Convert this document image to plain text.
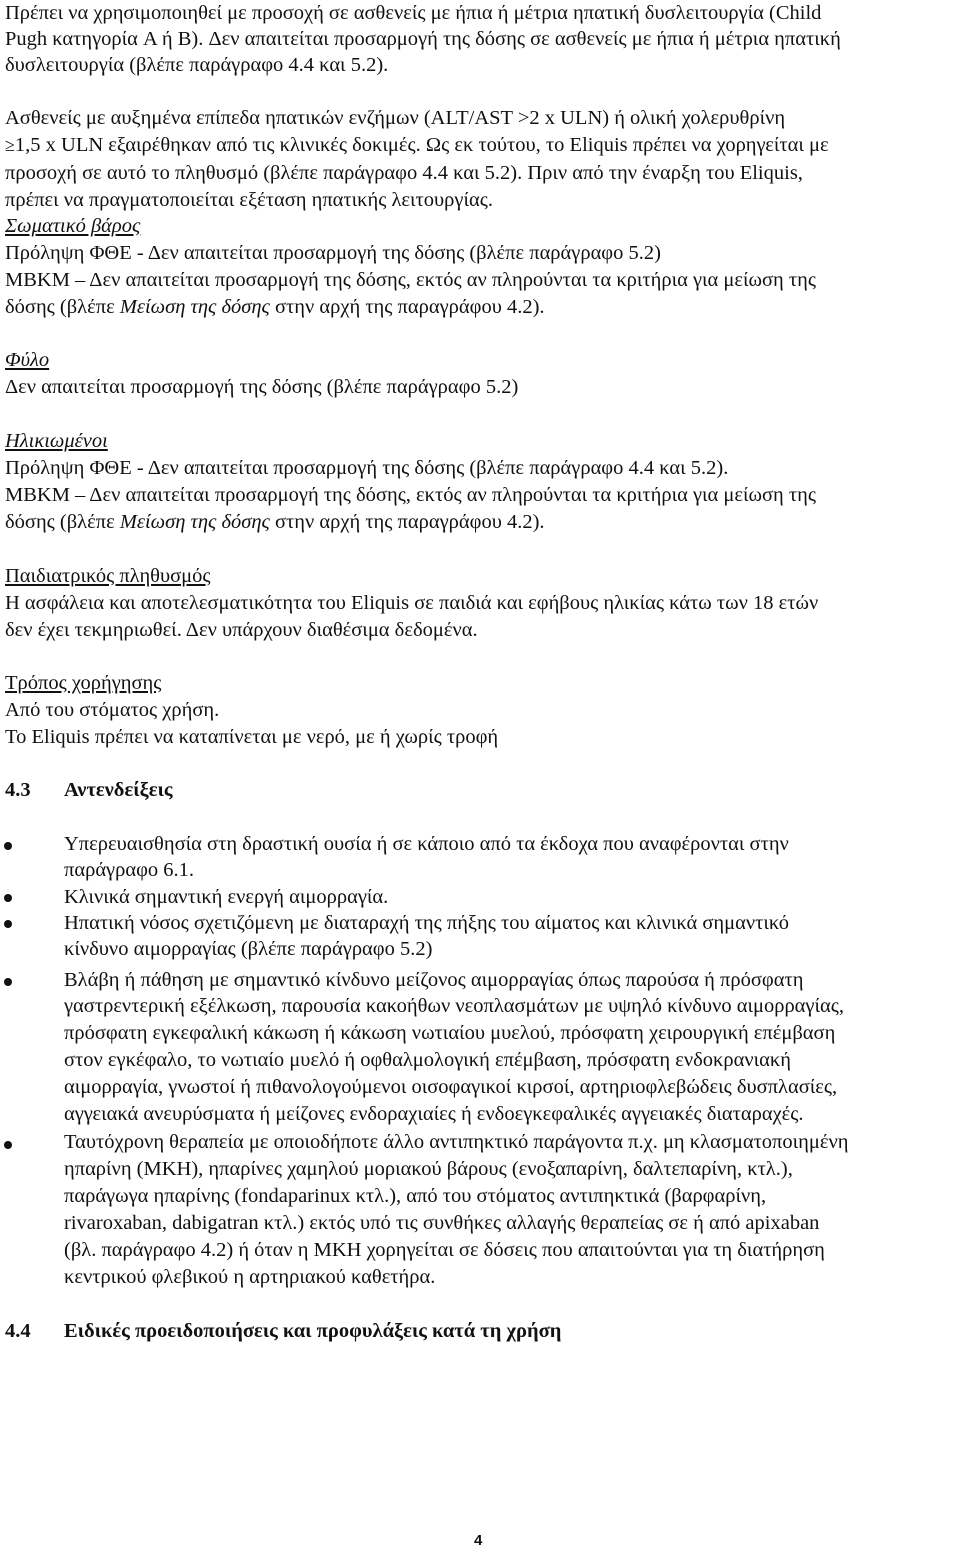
Πρέπει να χρησιμοποιηθεί με προσοχή σε ασθενείς με ήπια ή μέτρια ηπατική δυσλειτουργία (Child

Pugh κατηγορία A ή B). Δεν απαιτείται προσαρμογή της δόσης σε ασθενείς με ήπια ή μέτρια ηπατική

δυσλειτουργία (βλέπε παράγραφο 4.4 και 5.2).

Ασθενείς με αυξημένα επίπεδα ηπατικών ενζήμων (ALT/AST >2 x ULN) ή ολική χολερυθρίνη

≥1,5 x ULN εξαιρέθηκαν από τις κλινικές δοκιμές. Ως εκ τούτου, το Eliquis πρέπει να χορηγείται με

προσοχή σε αυτό το πληθυσμό (βλέπε παράγραφο 4.4 και 5.2). Πριν από την έναρξη του Eliquis,

πρέπει να πραγματοποιείται εξέταση ηπατικής λειτουργίας.

Σωματικό βάρος

Πρόληψη ΦΘΕ - Δεν απαιτείται προσαρμογή της δόσης (βλέπε παράγραφο 5.2)

ΜΒΚΜ – Δεν απαιτείται προσαρμογή της δόσης, εκτός αν πληρούνται τα κριτήρια για μείωση της

δόσης (βλέπε Μείωση της δόσης στην αρχή της παραγράφου 4.2).

Φύλο

Δεν απαιτείται προσαρμογή της δόσης (βλέπε παράγραφο 5.2)

Ηλικιωμένοι

Πρόληψη ΦΘΕ - Δεν απαιτείται προσαρμογή της δόσης (βλέπε παράγραφο 4.4 και 5.2).

ΜΒΚΜ – Δεν απαιτείται προσαρμογή της δόσης, εκτός αν πληρούνται τα κριτήρια για μείωση της

δόσης (βλέπε Μείωση της δόσης στην αρχή της παραγράφου 4.2).

Παιδιατρικός πληθυσμός

Η ασφάλεια και αποτελεσματικότητα του Eliquis σε παιδιά και εφήβους ηλικίας κάτω των 18 ετών

δεν έχει τεκμηριωθεί. Δεν υπάρχουν διαθέσιμα δεδομένα.

Τρόπος χορήγησης

Από του στόματος χρήση.

Το Eliquis πρέπει να καταπίνεται με νερό, με ή χωρίς τροφή

4.3 Αντενδείξεις

Υπερευαισθησία στη δραστική ουσία ή σε κάποιο από τα έκδοχα που αναφέρονται στην

παράγραφο 6.1.

Κλινικά σημαντική ενεργή αιμορραγία.

Ηπατική νόσος σχετιζόμενη με διαταραχή της πήξης του αίματος και κλινικά σημαντικό

κίνδυνο αιμορραγίας (βλέπε παράγραφο 5.2)

Βλάβη ή πάθηση με σημαντικό κίνδυνο μείζονος αιμορραγίας όπως παρούσα ή πρόσφατη

γαστρεντερική εξέλκωση, παρουσία κακοήθων νεοπλασμάτων με υψηλό κίνδυνο αιμορραγίας,

πρόσφατη εγκεφαλική κάκωση ή κάκωση νωτιαίου μυελού, πρόσφατη χειρουργική επέμβαση

στον εγκέφαλο, το νωτιαίο μυελό ή οφθαλμολογική επέμβαση, πρόσφατη ενδοκρανιακή

αιμορραγία, γνωστοί ή πιθανολογούμενοι οισοφαγικοί κιρσοί, αρτηριοφλεβώδεις δυσπλασίες,

αγγειακά ανευρύσματα ή μείζονες ενδοραχιαίες ή ενδοεγκεφαλικές αγγειακές διαταραχές.

Ταυτόχρονη θεραπεία με οποιοδήποτε άλλο αντιπηκτικό παράγοντα π.χ. μη κλασματοποιημένη

ηπαρίνη (ΜΚΗ), ηπαρίνες χαμηλού μοριακού βάρους (ενοξαπαρίνη, δαλτεπαρίνη, κτλ.),

παράγωγα ηπαρίνης (fondaparinux κτλ.), από του στόματος αντιπηκτικά (βαρφαρίνη,

rivaroxaban, dabigatran κτλ.) εκτός υπό τις συνθήκες αλλαγής θεραπείας σε ή από apixaban

(βλ. παράγραφο 4.2) ή όταν η ΜΚΗ χορηγείται σε δόσεις που απαιτούνται για τη διατήρηση

κεντρικού φλεβικού η αρτηριακού καθετήρα.

4.4 Ειδικές προειδοποιήσεις και προφυλάξεις κατά τη χρήση

4
